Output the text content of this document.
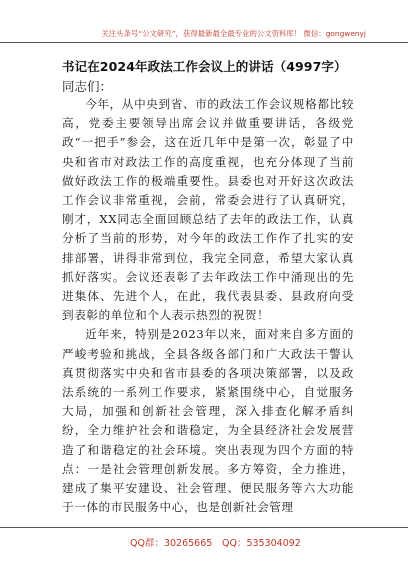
关注头条号“公文研究”，获得最新最全最专业的公文资料库！ 微信：gongwenyj
书记在2024年政法工作会议上的讲话（4997字）
同志们：

今年，从中央到省、市的政法工作会议规格都比较高，党委主要领导出席会议并做重要讲话，各级党政“一把手”参会，这在近几年中是第一次，彰显了中央和省市对政法工作的高度重视，也充分体现了当前做好政法工作的极端重要性。县委也对开好这次政法工作会议非常重视，会前，常委会进行了认真研究，刚才，XX同志全面回顾总结了去年的政法工作，认真分析了当前的形势，对今年的政法工作作了扎实的安排部署，讲得非常到位，我完全同意，希望大家认真抓好落实。会议还表彰了去年政法工作中涌现出的先进集体、先进个人，在此，我代表县委、县政府向受到表彰的单位和个人表示热烈的祝贺！

近年来，特别是2023年以来，面对来自多方面的严峻考验和挑战，全县各级各部门和广大政法干警认真贯彻落实中央和省市县委的各项决策部署，以及政法系统的一系列工作要求，紧紧围绕中心，自觉服务大局，加强和创新社会管理，深入排查化解矛盾纠纷，全力维护社会和谐稳定，为全县经济社会发展营造了和谐稳定的社会环境。突出表现为四个方面的特点：一是社会管理创新发展。多方筹资，全力推进，建成了集平安建设、社会管理、便民服务等六大功能于一体的市民服务中心，也是创新社会管理

QQ群：30265665 QQ：535304092
